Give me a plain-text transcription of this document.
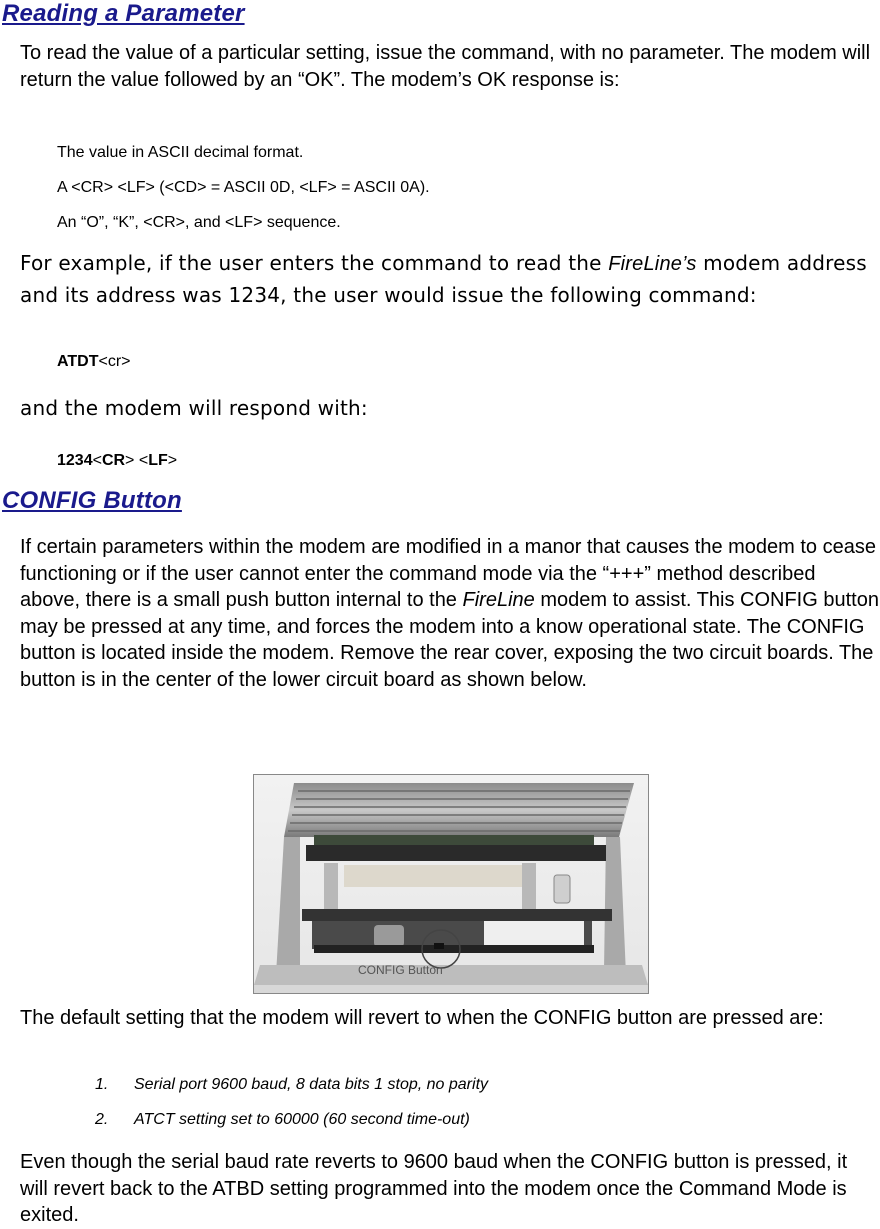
Reading a Parameter

To read the value of a particular setting, issue the command, with no parameter. The modem will return the value followed by an “OK”. The modem’s OK response is:

The value in ASCII decimal format.

A <CR> <LF> (<CD> = ASCII 0D, <LF> = ASCII 0A).

An “O”, “K”, <CR>, and <LF> sequence.

For example, if the user enters the command to read the FireLine’s modem address and its address was 1234, the user would issue the following command:

ATDT<cr>

and the modem will respond with:

1234<CR> <LF>

CONFIG Button

If certain parameters within the modem are modified in a manor that causes the modem to cease functioning or if the user cannot enter the command mode via the “+++” method described above, there is a small push button internal to the FireLine modem to assist. This CONFIG button may be pressed at any time, and forces the modem into a know operational state. The CONFIG button is located inside the modem. Remove the rear cover, exposing the two circuit boards. The button is in the center of the lower circuit board as shown below.

CONFIG Button

The default setting that the modem will revert to when the CONFIG button are pressed are:

1. Serial port 9600 baud, 8 data bits 1 stop, no parity

2. ATCT setting set to 60000 (60 second time-out)

Even though the serial baud rate reverts to 9600 baud when the CONFIG button is pressed, it will revert back to the ATBD setting programmed into the modem once the Command Mode is exited.
